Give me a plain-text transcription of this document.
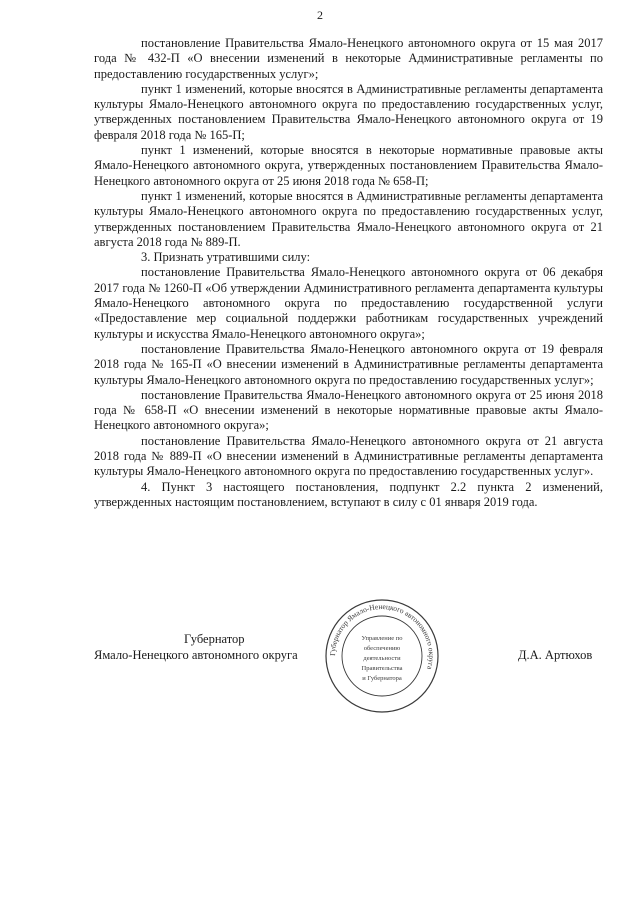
2

постановление Правительства Ямало-Ненецкого автономного округа от 15 мая 2017 года № 432-П «О внесении изменений в некоторые Административные регламенты по предоставлению государственных услуг»;

пункт 1 изменений, которые вносятся в Административные регламенты департамента культуры Ямало-Ненецкого автономного округа по предоставлению государственных услуг, утвержденных постановлением Правительства Ямало-Ненецкого автономного округа от 19 февраля 2018 года № 165-П;

пункт 1 изменений, которые вносятся в некоторые нормативные правовые акты Ямало-Ненецкого автономного округа, утвержденных постановлением Правительства Ямало-Ненецкого автономного округа от 25 июня 2018 года № 658-П;

пункт 1 изменений, которые вносятся в Административные регламенты департамента культуры Ямало-Ненецкого автономного округа по предоставлению государственных услуг, утвержденных постановлением Правительства Ямало-Ненецкого автономного округа от 21 августа 2018 года № 889-П.

3. Признать утратившими силу:

постановление Правительства Ямало-Ненецкого автономного округа от 06 декабря 2017 года № 1260-П «Об утверждении Административного регламента департамента культуры Ямало-Ненецкого автономного округа по предоставлению государственной услуги «Предоставление мер социальной поддержки работникам государственных учреждений культуры и искусства Ямало-Ненецкого автономного округа»;

постановление Правительства Ямало-Ненецкого автономного округа от 19 февраля 2018 года № 165-П «О внесении изменений в Административные регламенты департамента культуры Ямало-Ненецкого автономного округа по предоставлению государственных услуг»;

постановление Правительства Ямало-Ненецкого автономного округа от 25 июня 2018 года № 658-П «О внесении изменений в некоторые нормативные правовые акты Ямало-Ненецкого автономного округа»;

постановление Правительства Ямало-Ненецкого автономного округа от 21 августа 2018 года № 889-П «О внесении изменений в Административные регламенты департамента культуры Ямало-Ненецкого автономного округа по предоставлению государственных услуг».

4. Пункт 3 настоящего постановления, подпункт 2.2 пункта 2 изменений, утвержденных настоящим постановлением, вступают в силу с 01 января 2019 года.

Губернатор
Ямало-Ненецкого автономного округа	Д.А. Артюхов
Губернатор Ямало-Ненецкого автономного округа
Управление по
обеспечению
деятельности
Правительства
и Губернатора
